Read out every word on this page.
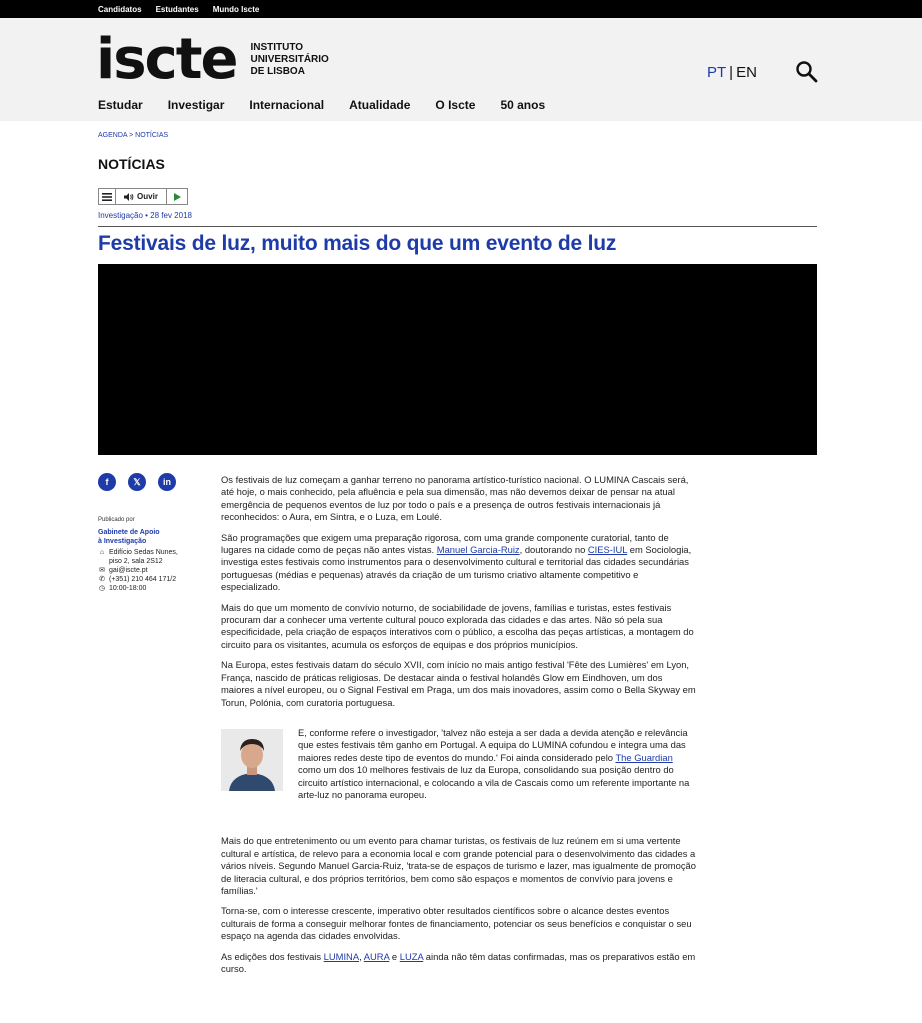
Candidatos Estudantes Mundo Iscte
iscte INSTITUTO
UNIVERSITÁRIO
DE LISBOA	PT | EN
Estudar Investigar Internacional Atualidade O Iscte 50 anos
AGENDA > NOTÍCIAS
NOTÍCIAS
Ouvir
Investigação • 28 fev 2018
Festivais de luz, muito mais do que um evento de luz
f	𝕏	in
Publicado por
Gabinete de Apoio
à Investigação
⌂ Edifício Sedas Nunes,
piso 2, sala 2S12
✉ gai@iscte.pt
✆ (+351) 210 464 171/2
◷ 10:00-18:00

Os festivais de luz começam a ganhar terreno no panorama artístico-turístico nacional. O LUMINA Cascais será, até hoje, o mais conhecido, pela afluência e pela sua dimensão, mas não devemos deixar de pensar na atual emergência de pequenos eventos de luz por todo o país e a presença de outros festivais internacionais já reconhecidos: o Aura, em Sintra, e o Luza, em Loulé.

São programações que exigem uma preparação rigorosa, com uma grande componente curatorial, tanto de lugares na cidade como de peças não antes vistas. Manuel Garcia-Ruiz, doutorando no CIES-IUL em Sociologia, investiga estes festivais como instrumentos para o desenvolvimento cultural e territorial das cidades secundárias portuguesas (médias e pequenas) através da criação de um turismo criativo altamente competitivo e especializado.

Mais do que um momento de convívio noturno, de sociabilidade de jovens, famílias e turistas, estes festivais procuram dar a conhecer uma vertente cultural pouco explorada das cidades e das artes. Não só pela sua especificidade, pela criação de espaços interativos com o público, a escolha das peças artísticas, a montagem do circuito para os visitantes, acumula os esforços de equipas e dos próprios municípios.

Na Europa, estes festivais datam do século XVII, com início no mais antigo festival 'Fête des Lumières' em Lyon, França, nascido de práticas religiosas. De destacar ainda o festival holandês Glow em Eindhoven, um dos maiores a nível europeu, ou o Signal Festival em Praga, um dos mais inovadores, assim como o Bella Skyway em Torun, Polónia, com curatoria portuguesa.

E, conforme refere o investigador, 'talvez não esteja a ser dada a devida atenção e relevância que estes festivais têm ganho em Portugal. A equipa do LUMINA cofundou e integra uma das maiores redes deste tipo de eventos do mundo.' Foi ainda considerado pelo The Guardian como um dos 10 melhores festivais de luz da Europa, consolidando sua posição dentro do circuito artístico internacional, e colocando a vila de Cascais como um referente importante na arte-luz no panorama europeu.

Mais do que entretenimento ou um evento para chamar turistas, os festivais de luz reúnem em si uma vertente cultural e artística, de relevo para a economia local e com grande potencial para o desenvolvimento das cidades a vários níveis. Segundo Manuel Garcia-Ruiz, 'trata-se de espaços de turismo e lazer, mas igualmente de promoção de literacia cultural, e dos próprios territórios, bem como são espaços e momentos de convívio para jovens e famílias.'

Torna-se, com o interesse crescente, imperativo obter resultados científicos sobre o alcance destes eventos culturais de forma a conseguir melhorar fontes de financiamento, potenciar os seus benefícios e conquistar o seu espaço na agenda das cidades envolvidas.

As edições dos festivais LUMINA, AURA e LUZA ainda não têm datas confirmadas, mas os preparativos estão em curso.
